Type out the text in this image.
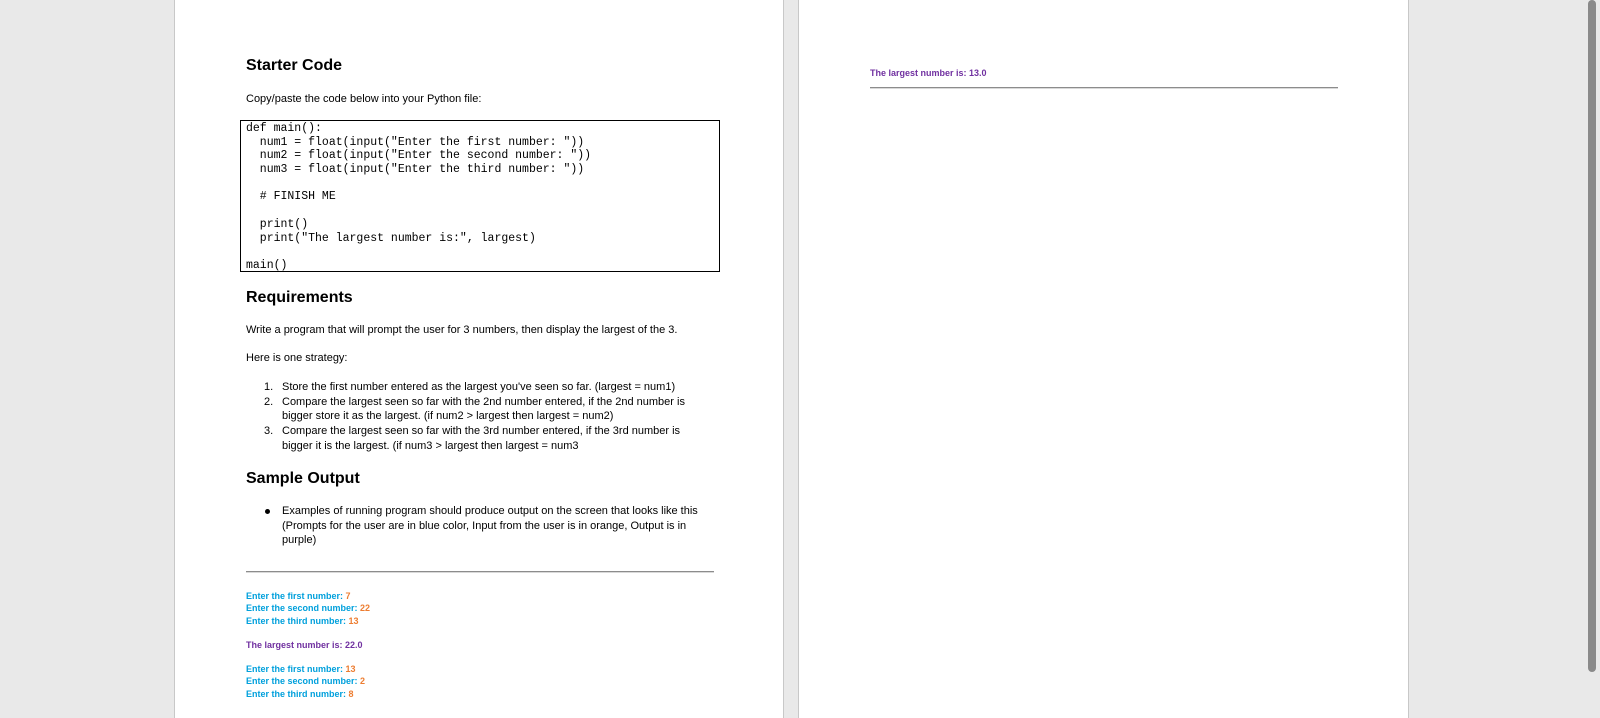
Starter Code
Copy/paste the code below into your Python file:
def main():
num1 = float(input("Enter the first number: "))
num2 = float(input("Enter the second number: "))
num3 = float(input("Enter the third number: "))
# FINISH ME
print()
print("The largest number is:", largest)
main()
Requirements
Write a program that will prompt the user for 3 numbers, then display the largest of the 3.
Here is one strategy:
1. Store the first number entered as the largest you've seen so far. (largest = num1)
2. Compare the largest seen so far with the 2nd number entered, if the 2nd number is
bigger store it as the largest. (if num2 > largest then largest = num2)
3. Compare the largest seen so far with the 3rd number entered, if the 3rd number is
bigger it is the largest. (if num3 > largest then largest = num3
Sample Output
Examples of running program should produce output on the screen that looks like this
(Prompts for the user are in blue color, Input from the user is in orange, Output is in
purple)
Enter the first number: 7
Enter the second number: 22
Enter the third number: 13
The largest number is: 22.0
Enter the first number: 13
Enter the second number: 2
Enter the third number: 8
The largest number is: 13.0
